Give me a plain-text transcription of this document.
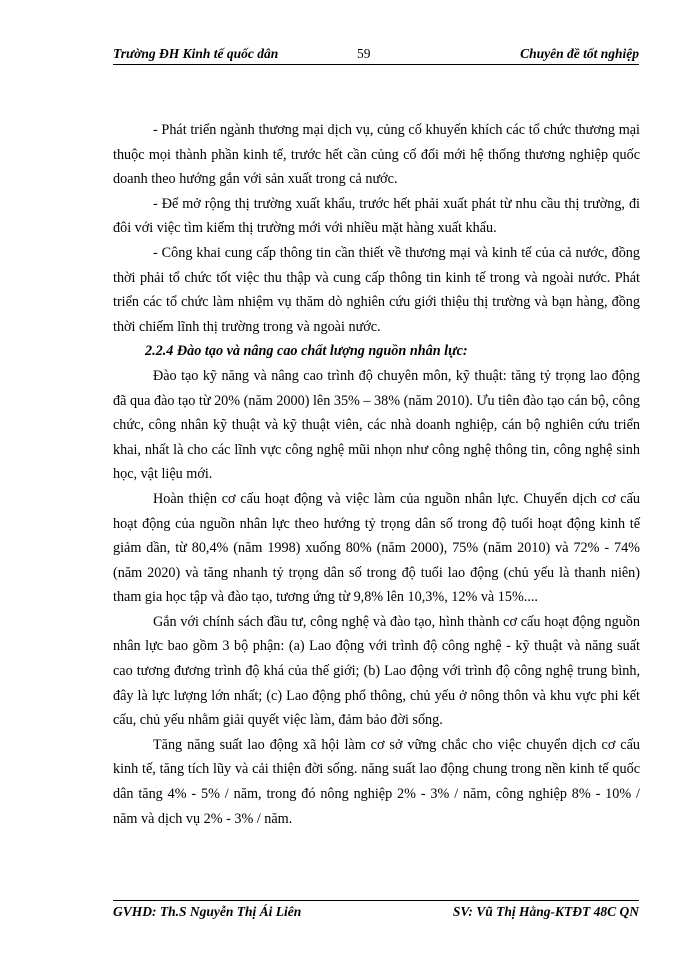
Trường ĐH Kinh tế quốc dân	59	Chuyên đề tốt nghiệp

- Phát triển ngành thương mại dịch vụ, củng cố khuyến khích các tổ chức thương mại thuộc mọi thành phần kinh tế, trước hết cần củng cố đổi mới hệ thống thương nghiệp quốc doanh theo hướng gắn với sản xuất trong cả nước.

- Để mở rộng thị trường xuất khẩu, trước hết phải xuất phát từ nhu cầu thị trường, đi đôi với việc tìm kiếm thị trường mới với nhiều mặt hàng xuất khẩu.

- Công khai cung cấp thông tin cần thiết về thương mại và kinh tế của cả nước, đồng thời phải tổ chức tốt việc thu thập và cung cấp thông tin kinh tế trong và ngoài nước. Phát triển các tổ chức làm nhiệm vụ thăm dò nghiên cứu giới thiệu thị trường và bạn hàng, đồng thời chiếm lĩnh thị trường trong và ngoài nước.

2.2.4 Đào tạo và nâng cao chất lượng nguồn nhân lực:

Đào tạo kỹ năng và nâng cao trình độ chuyên môn, kỹ thuật: tăng tỷ trọng lao động đã qua đào tạo từ 20% (năm 2000) lên 35% – 38% (năm 2010). Ưu tiên đào tạo cán bộ, công chức, công nhân kỹ thuật và kỹ thuật viên, các nhà doanh nghiệp, cán bộ nghiên cứu triển khai, nhất là cho các lĩnh vực công nghệ mũi nhọn như công nghệ thông tin, công nghệ sinh học, vật liệu mới.

Hoàn thiện cơ cấu hoạt động và việc làm của nguồn nhân lực. Chuyển dịch cơ cấu hoạt động của nguồn nhân lực theo hướng tỷ trọng dân số trong độ tuổi hoạt động kinh tế giảm dần, từ 80,4% (năm 1998) xuống 80% (năm 2000), 75% (năm 2010) và 72% - 74% (năm 2020) và tăng nhanh tỷ trọng dân số trong độ tuổi lao động (chủ yếu là thanh niên) tham gia học tập và đào tạo, tương ứng từ 9,8% lên 10,3%, 12% và 15%....

Gắn với chính sách đầu tư, công nghệ và đào tạo, hình thành cơ cấu hoạt động nguồn nhân lực bao gồm 3 bộ phận: (a) Lao động với trình độ công nghệ - kỹ thuật và năng suất cao tương đương trình độ khá của thế giới; (b) Lao động với trình độ công nghệ trung bình, đây là lực lượng lớn nhất; (c) Lao động phổ thông, chủ yếu ở nông thôn và khu vực phi kết cấu, chủ yếu nhằm giải quyết việc làm, đảm bảo đời sống.

Tăng năng suất lao động xã hội làm cơ sở vững chắc cho việc chuyển dịch cơ cấu kinh tế, tăng tích lũy và cải thiện đời sống. năng suất lao động chung trong nền kinh tế quốc dân tăng 4% - 5% / năm, trong đó nông nghiệp 2% - 3% / năm, công nghiệp 8% - 10% / năm và dịch vụ 2% - 3% / năm.

GVHD: Th.S Nguyễn Thị Ái Liên	SV: Vũ Thị Hằng-KTĐT 48C QN
